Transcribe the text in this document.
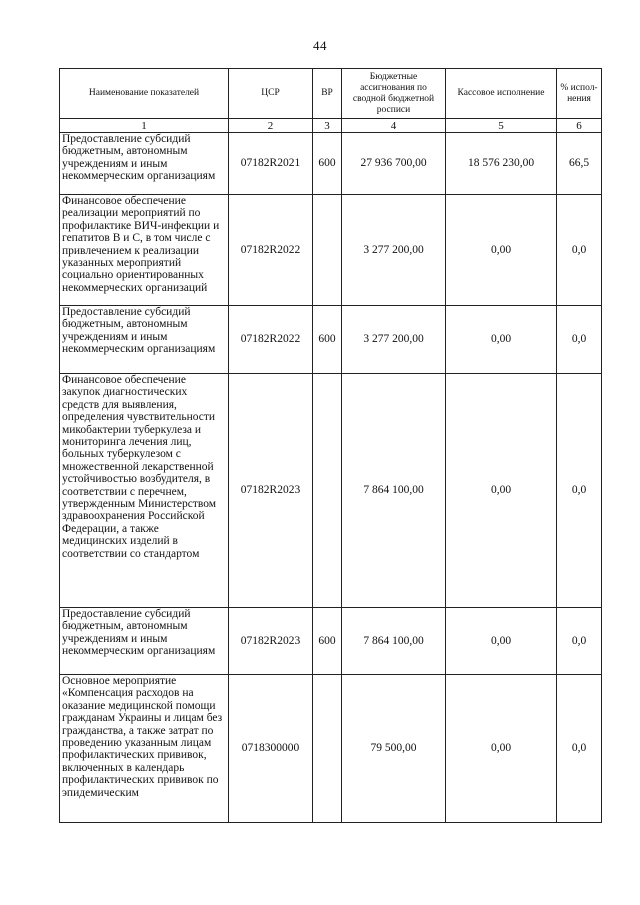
44
Наименование показателей	ЦСР	ВР	Бюджетные ассигнования по сводной бюджетной росписи	Кассовое исполнение	% испол-нения
1	2	3	4	5	6
Предоставление субсидий бюджетным, автономным учреждениям и иным некоммерческим организациям	07182R2021	600	27 936 700,00	18 576 230,00	66,5
Финансовое обеспечение реализации мероприятий по профилактике ВИЧ-инфекции и гепатитов В и С, в том числе с привлечением к реализации указанных мероприятий социально ориентированных некоммерческих организаций	07182R2022		3 277 200,00	0,00	0,0
Предоставление субсидий бюджетным, автономным учреждениям и иным некоммерческим организациям	07182R2022	600	3 277 200,00	0,00	0,0
Финансовое обеспечение закупок диагностических средств для выявления, определения чувствительности микобактерии туберкулеза и мониторинга лечения лиц, больных туберкулезом с множественной лекарственной устойчивостью возбудителя, в соответствии с перечнем, утвержденным Министерством здравоохранения Российской Федерации, а также медицинских изделий в соответствии со стандартом	07182R2023		7 864 100,00	0,00	0,0
Предоставление субсидий бюджетным, автономным учреждениям и иным некоммерческим организациям	07182R2023	600	7 864 100,00	0,00	0,0
Основное мероприятие «Компенсация расходов на оказание медицинской помощи гражданам Украины и лицам без гражданства, а также затрат по проведению указанным лицам профилактических прививок, включенных в календарь профилактических прививок по эпидемическим	0718300000		79 500,00	0,00	0,0
